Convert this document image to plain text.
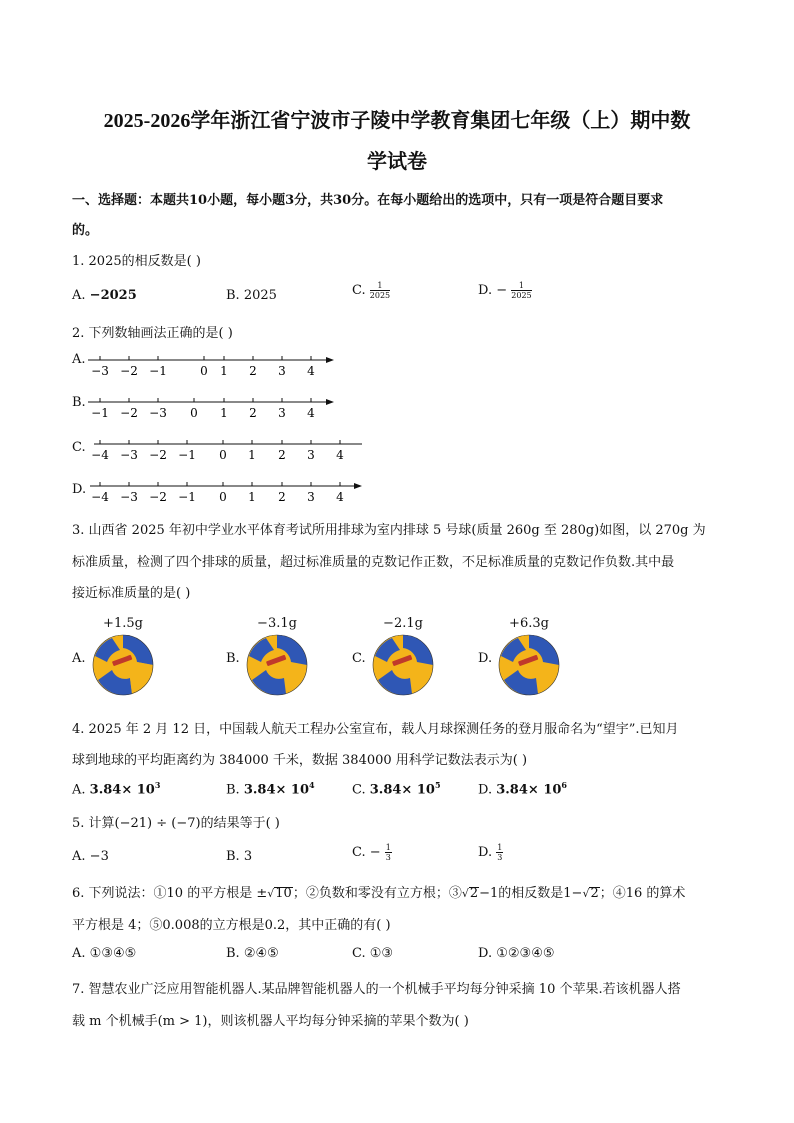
2025-2026学年浙江省宁波市子陵中学教育集团七年级（上）期中数
学试卷
一、选择题：本题共10小题，每小题3分，共30分。在每小题给出的选项中，只有一项是符合题目要求
的。
1. 2025的相反数是( )
A. −2025	B. 2025	C. $\frac{1}{2025}$	D. − $\frac{1}{2025}$
2. 下列数轴画法正确的是( )
A.
−3 −2 −1	0 1 2 3 4
B.
−1 −2 −3 0 1 2 3 4
C. −4 −3 −2 −1 0 1 2 3 4
D. −4 −3 −2 −1 0 1 2 3 4
3. 山西省 2025 年初中学业水平体育考试所用排球为室内排球 5 号球(质量 260g 至 280g)如图，以 270g 为
标准质量，检测了四个排球的质量，超过标准质量的克数记作正数，不足标准质量的克数记作负数.其中最
接近标准质量的是( )
A.
+1.5g
B.
−3.1g
C.
−2.1g
D.
+6.3g
4. 2025 年 2 月 12 日，中国载人航天工程办公室宣布，载人月球探测任务的登月服命名为“望宇”.已知月
球到地球的平均距离约为 384000 千米，数据 384000 用科学记数法表示为( )
A. $3.84\times 10^3$	B. $3.84\times 10^4$	C. $3.84\times 10^5$	D. $3.84\times 10^6$
5. 计算(−21) ÷ (−7)的结果等于( )
A. −3	B. 3	C. − $\frac{1}{3}$	D. $\frac{1}{3}$
6. 下列说法：①10 的平方根是 ±√10；②负数和零没有立方根；③√2−1的相反数是1−√2；④16 的算术
平方根是 4；⑤0.008的立方根是0.2，其中正确的有( )
A. ①③④⑤	B. ②④⑤	C. ①③	D. ①②③④⑤
7. 智慧农业广泛应用智能机器人.某品牌智能机器人的一个机械手平均每分钟采摘 10 个苹果.若该机器人搭
载 m 个机械手(m > 1)，则该机器人平均每分钟采摘的苹果个数为( )
